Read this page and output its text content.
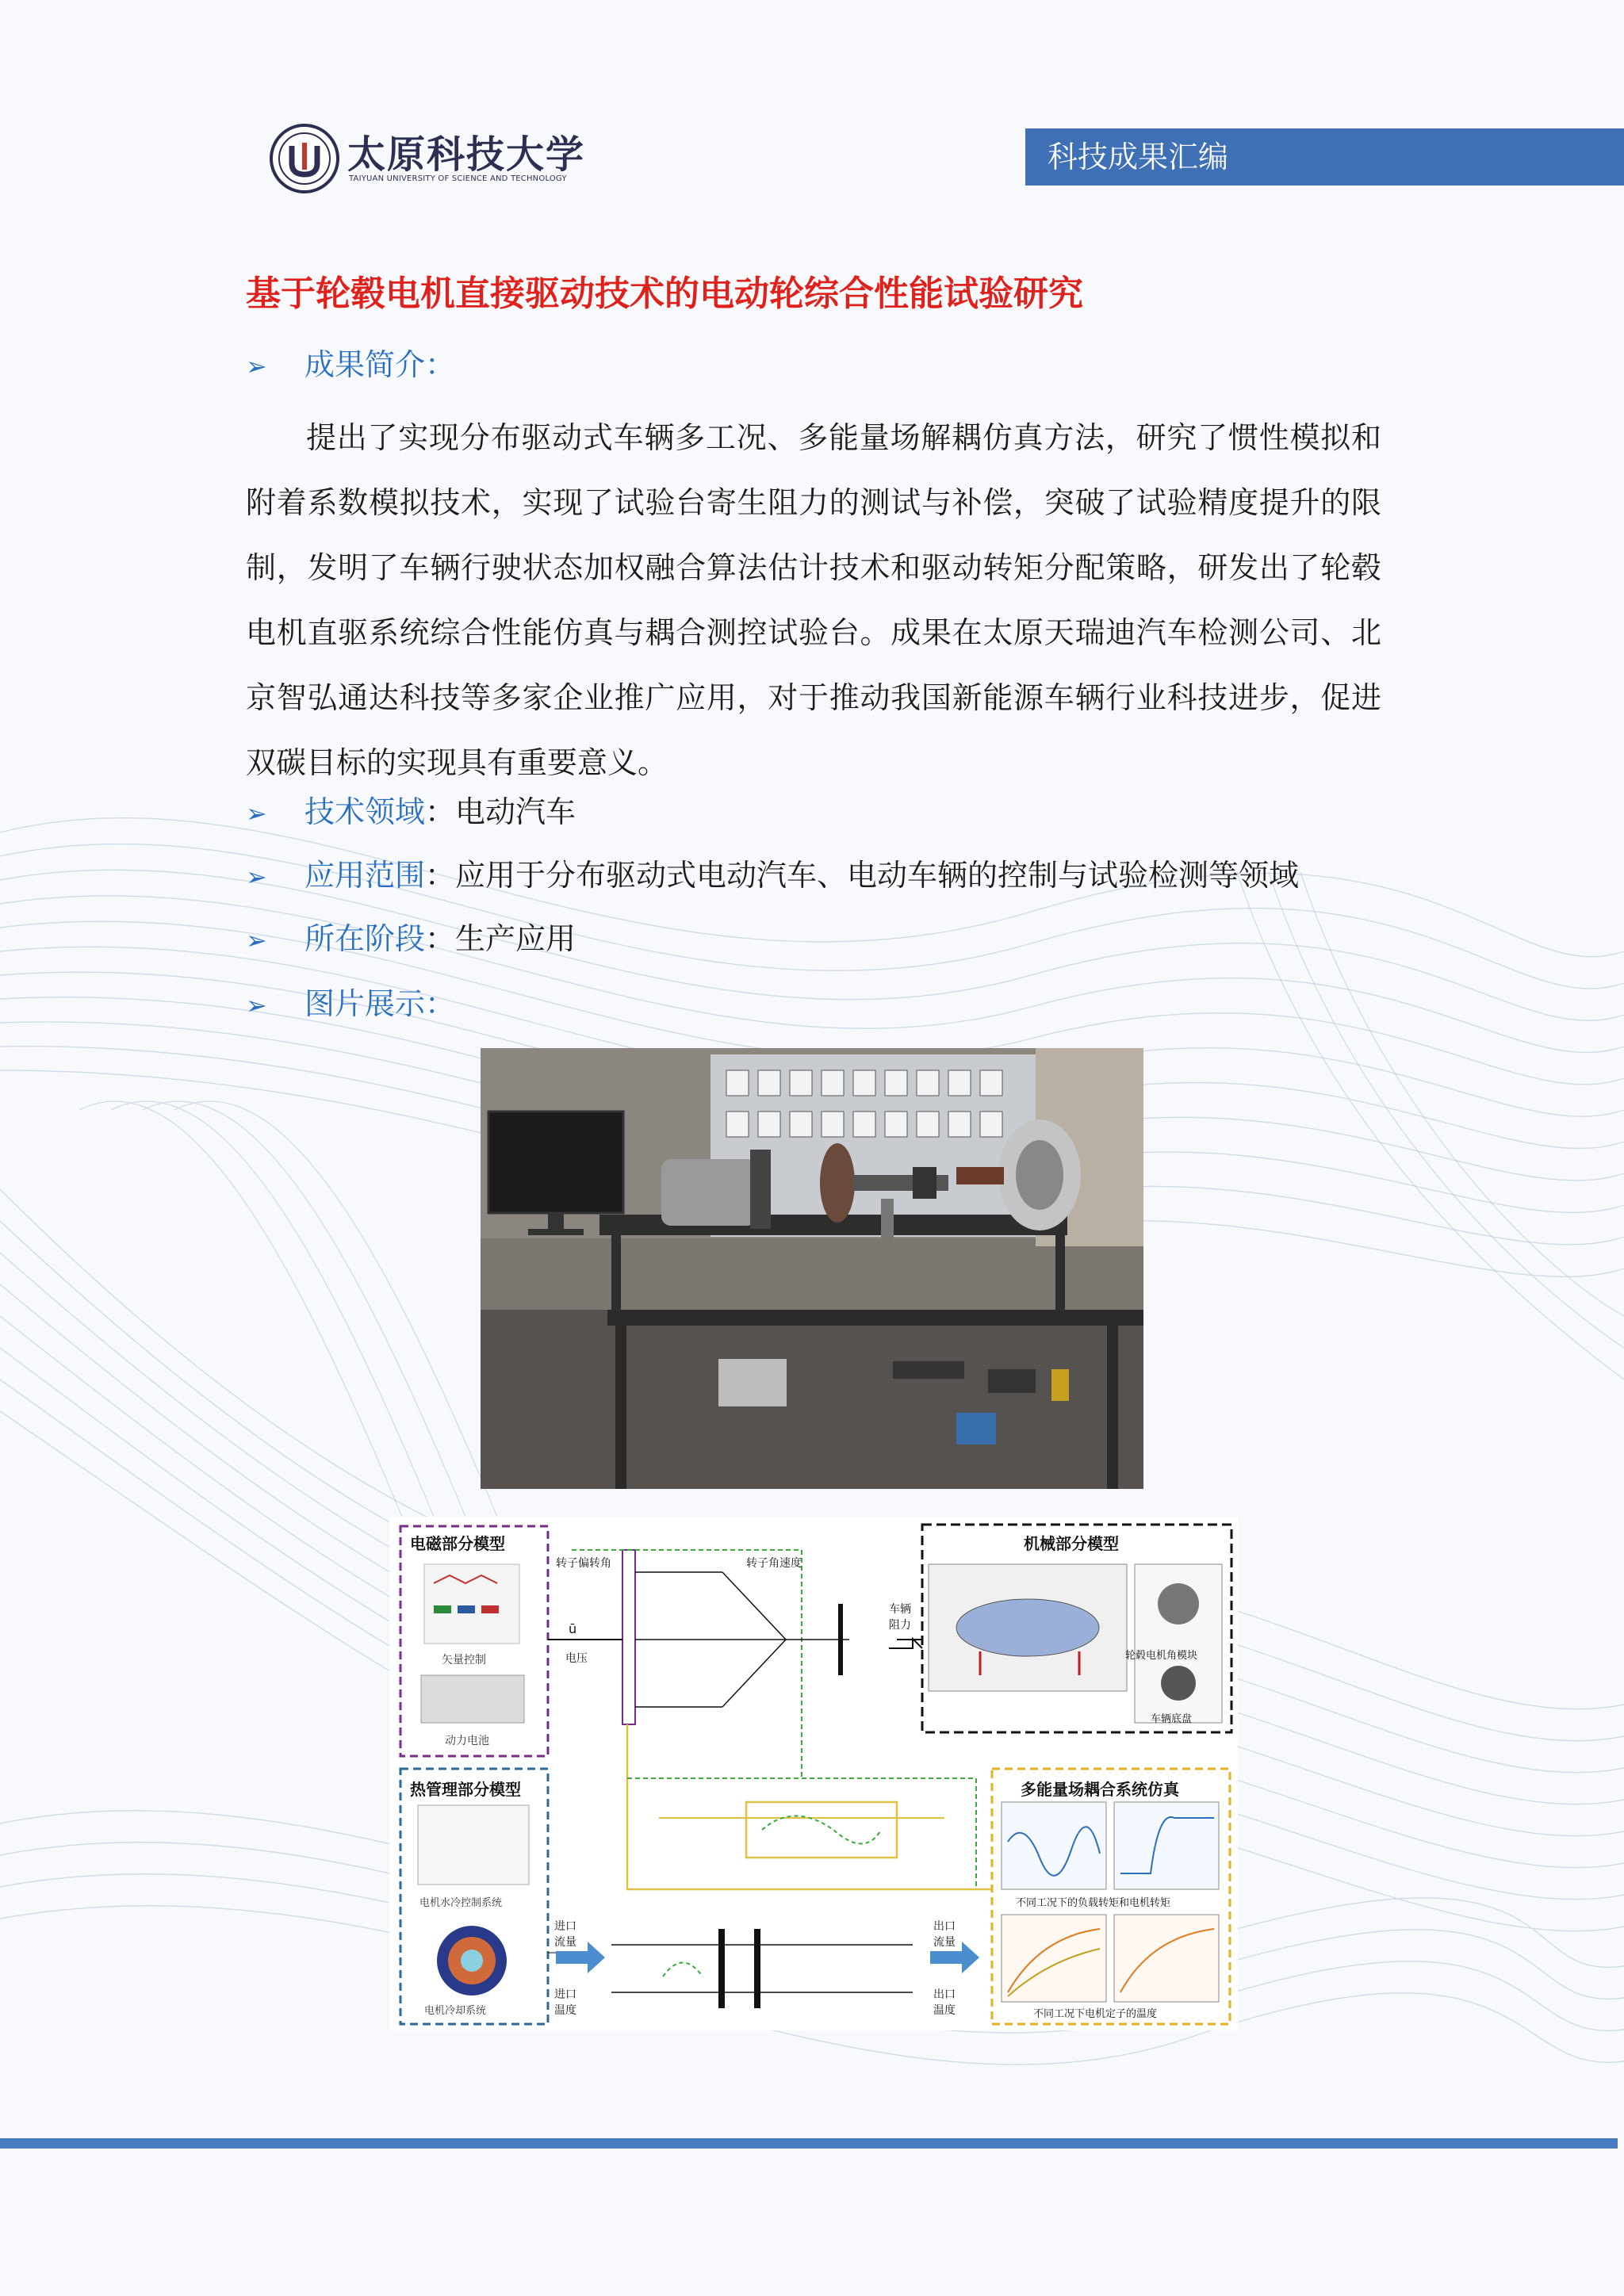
太原科技大学
TAIYUAN UNIVERSITY OF SCIENCE AND TECHNOLOGY
科技成果汇编
基于轮毂电机直接驱动技术的电动轮综合性能试验研究
➢ 成果简介：
提出了实现分布驱动式车辆多工况、多能量场解耦仿真方法，研究了惯性模拟和附着系数模拟技术，实现了试验台寄生阻力的测试与补偿，突破了试验精度提升的限制，发明了车辆行驶状态加权融合算法估计技术和驱动转矩分配策略，研发出了轮毂电机直驱系统综合性能仿真与耦合测控试验台。成果在太原天瑞迪汽车检测公司、北京智弘通达科技等多家企业推广应用，对于推动我国新能源车辆行业科技进步，促进双碳目标的实现具有重要意义。
➢ 技术领域：电动汽车
➢ 应用范围：应用于分布驱动式电动汽车、电动车辆的控制与试验检测等领域
➢ 所在阶段：生产应用
➢ 图片展示：
电磁部分模型
矢量控制
动力电池
ū
电压
转子偏转角	转子角速度
车辆
阻力
机械部分模型
轮毂电机角模块
车辆底盘
热管理部分模型
电机水冷控制系统
电机冷却系统
进口
流量
进口
温度
出口
流量
出口
温度
多能量场耦合系统仿真
不同工况下的负载转矩和电机转矩
不同工况下电机定子的温度
